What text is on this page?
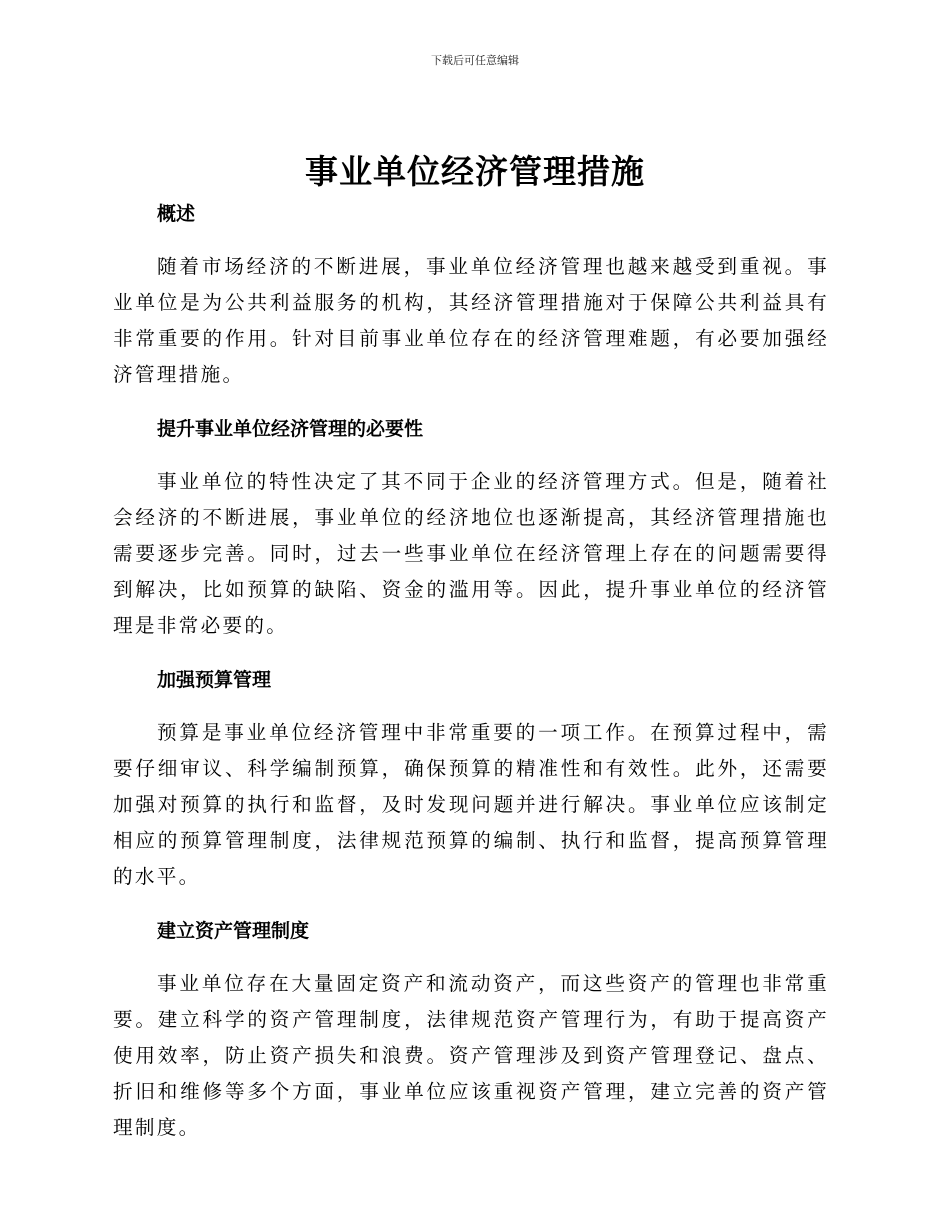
下载后可任意编辑
事业单位经济管理措施
概述

随着市场经济的不断进展，事业单位经济管理也越来越受到重视。事业单位是为公共利益服务的机构，其经济管理措施对于保障公共利益具有非常重要的作用。针对目前事业单位存在的经济管理难题，有必要加强经济管理措施。

提升事业单位经济管理的必要性

事业单位的特性决定了其不同于企业的经济管理方式。但是，随着社会经济的不断进展，事业单位的经济地位也逐渐提高，其经济管理措施也需要逐步完善。同时，过去一些事业单位在经济管理上存在的问题需要得到解决，比如预算的缺陷、资金的滥用等。因此，提升事业单位的经济管理是非常必要的。

加强预算管理

预算是事业单位经济管理中非常重要的一项工作。在预算过程中，需要仔细审议、科学编制预算，确保预算的精准性和有效性。此外，还需要加强对预算的执行和监督，及时发现问题并进行解决。事业单位应该制定相应的预算管理制度，法律规范预算的编制、执行和监督，提高预算管理的水平。

建立资产管理制度

事业单位存在大量固定资产和流动资产，而这些资产的管理也非常重要。建立科学的资产管理制度，法律规范资产管理行为，有助于提高资产使用效率，防止资产损失和浪费。资产管理涉及到资产管理登记、盘点、折旧和维修等多个方面，事业单位应该重视资产管理，建立完善的资产管理制度。
